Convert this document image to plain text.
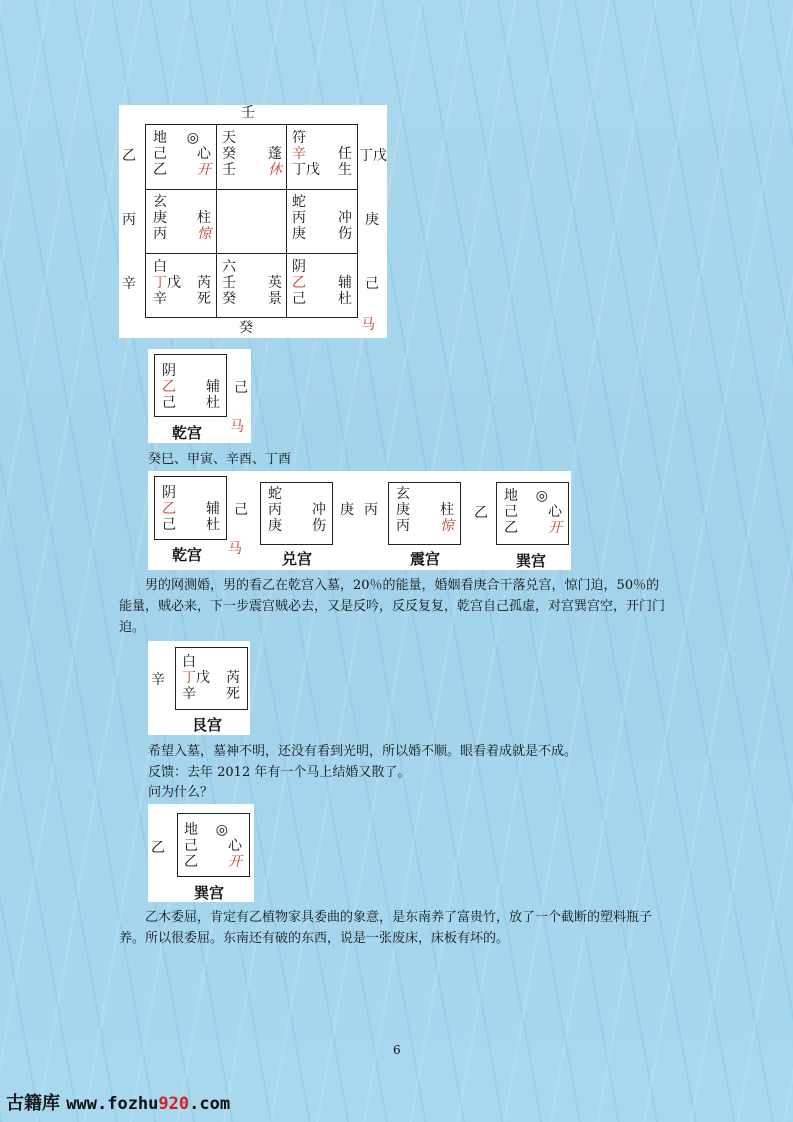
壬
癸	马
乙
丙
辛
丁戊
庚
己
地 ◎
己 心
乙 开
天
癸 蓬
壬 休
符
辛 任
丁戊 生
玄
庚 柱
丙 惊
蛇
丙 冲
庚 伤
白
丁戊 芮
辛 死
六
壬 英
癸 景
阴
乙 辅
己 杜
阴
乙 辅
己 杜
己
乾宫 马
癸巳、甲寅、辛酉、丁酉
阴
乙 辅
己 杜
己
乾宫 马
蛇
丙 冲
庚 伤
庚
兑宫
丙
玄
庚 柱
丙 惊
震宫
乙
地 ◎
己 心
乙 开
巽宫
男的网测婚，男的看乙在乾宫入墓，20％的能量，婚姻看庚合干落兑宫，惊门迫，50％的能量，贼必来，下一步震宫贼必去，又是反吟，反反复复，乾宫自己孤虚，对宫巽宫空，开门门迫。
辛
白
丁戊 芮
辛 死
艮宫
希望入墓，墓神不明，还没有看到光明，所以婚不顺。眼看着成就是不成。
反馈：去年 2012 年有一个马上结婚又散了。
问为什么？
乙
地 ◎
己 心
乙 开
巽宫
乙木委屈，肯定有乙植物家具委曲的象意，是东南养了富贵竹，放了一个截断的塑料瓶子养。所以很委屈。东南还有破的东西，说是一张废床，床板有坏的。
6
古籍库 www.fozhu920.com
